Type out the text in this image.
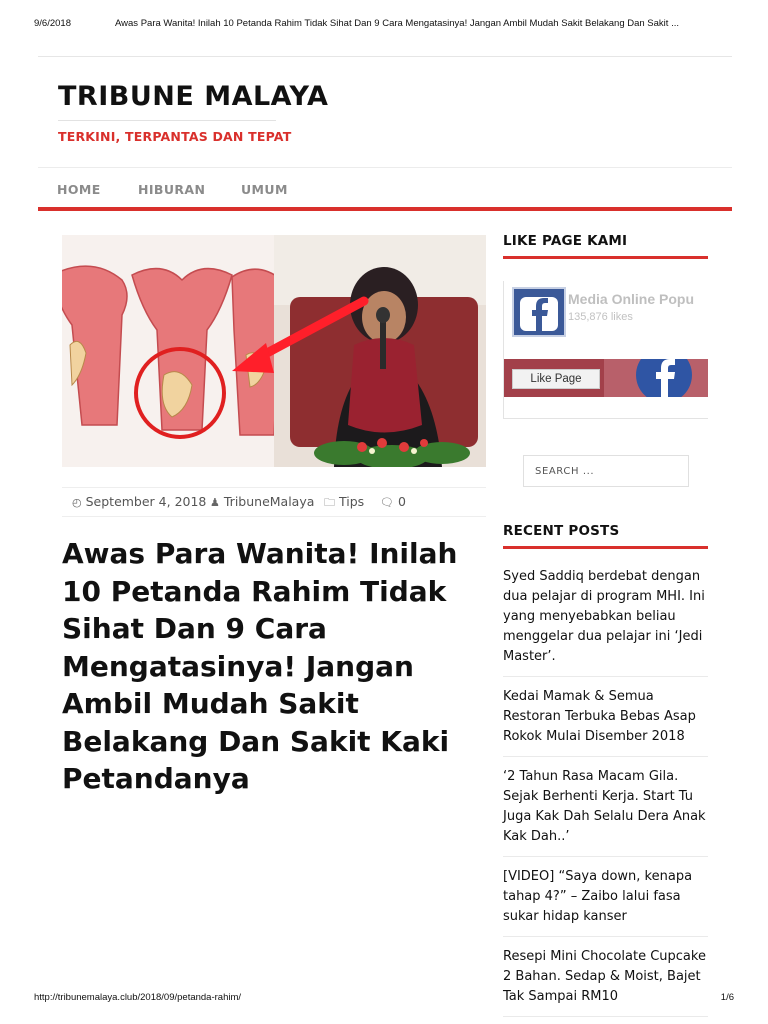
9/6/2018	Awas Para Wanita! Inilah 10 Petanda Rahim Tidak Sihat Dan 9 Cara Mengatasinya! Jangan Ambil Mudah Sakit Belakang Dan Sakit ...
TRIBUNE MALAYA
TERKINI, TERPANTAS DAN TEPAT
HOME	HIBURAN	UMUM
◴ September 4, 2018 ♟ TribuneMalaya 🗀 Tips 🗨 0
Awas Para Wanita! Inilah 10 Petanda Rahim Tidak Sihat Dan 9 Cara Mengatasinya! Jangan Ambil Mudah Sakit Belakang Dan Sakit Kaki Petandanya
LIKE PAGE KAMI
Media Online Popu
135,876 likes
Like Page
SEARCH ...
RECENT POSTS
Syed Saddiq berdebat dengan dua pelajar di program MHI. Ini yang menyebabkan beliau menggelar dua pelajar ini ‘Jedi Master’.
Kedai Mamak & Semua Restoran Terbuka Bebas Asap Rokok Mulai Disember 2018
‘2 Tahun Rasa Macam Gila. Sejak Berhenti Kerja. Start Tu Juga Kak Dah Selalu Dera Anak Kak Dah..’
[VIDEO] “Saya down, kenapa tahap 4?” – Zaibo lalui fasa sukar hidap kanser
Resepi Mini Chocolate Cupcake 2 Bahan. Sedap & Moist, Bajet Tak Sampai RM10
http://tribunemalaya.club/2018/09/petanda-rahim/	1/6
